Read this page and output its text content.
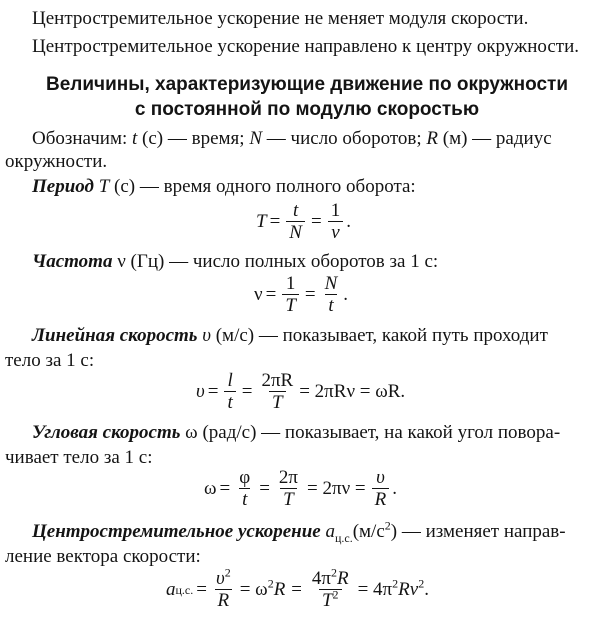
Центростремительное ускорение не меняет модуля скорости.
Центростремительное ускорение направлено к центру окружности.
Величины, характеризующие движение по окружности
с постоянной по модулю скоростью
Обозначим: t (с) — время; N — число оборотов; R (м) — радиус
окружности.
Период T (с) — время одного полного оборота:
$T = \frac{t}{N} = \frac{1}{\nu}$ .
Частота ν (Гц) — число полных оборотов за 1 с:
$\nu = \frac{1}{T} = \frac{N}{t}$ .
Линейная скорость υ (м/с) — показывает, какой путь проходит
тело за 1 с:
$\upsilon = \frac{l}{t} = \frac{2\pi R}{T} = 2\pi R\nu = \omega R$.
Угловая скорость ω (рад/с) — показывает, на какой угол повора-
чивает тело за 1 с:
$\omega = \frac{\varphi}{t} = \frac{2\pi}{T} = 2\pi\nu = \frac{\upsilon}{R}$ .
Центростремительное ускорение $a_{ц.с.}(м/с^2)$ — изменяет направ-
ление вектора скорости:
a ц.с. = $\frac{\upsilon^2}{R} = \omega^2R = \frac{4\pi^2R}{T^2} = 4\pi^2R\nu^2$.
